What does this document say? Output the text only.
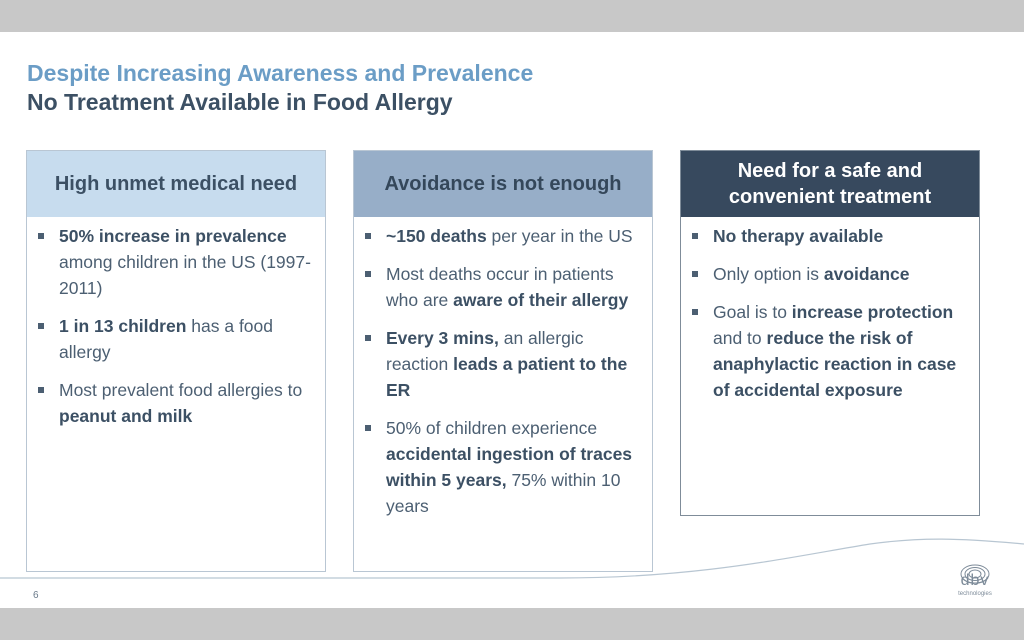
Despite Increasing Awareness and Prevalence
No Treatment Available in Food Allergy
High unmet medical need
50% increase in prevalence among children in the US (1997-2011)
1 in 13 children has a food allergy
Most prevalent food allergies to peanut and milk
Avoidance is not enough
~150 deaths per year in the US
Most deaths occur in patients who are aware of their allergy
Every 3 mins, an allergic reaction leads a patient to the ER
50% of children experience accidental ingestion of traces within 5 years, 75% within 10 years
Need for a safe and convenient treatment
No therapy available
Only option is avoidance
Goal is to increase protection and to reduce the risk of anaphylactic reaction in case of accidental exposure
6
dbv
technologies
